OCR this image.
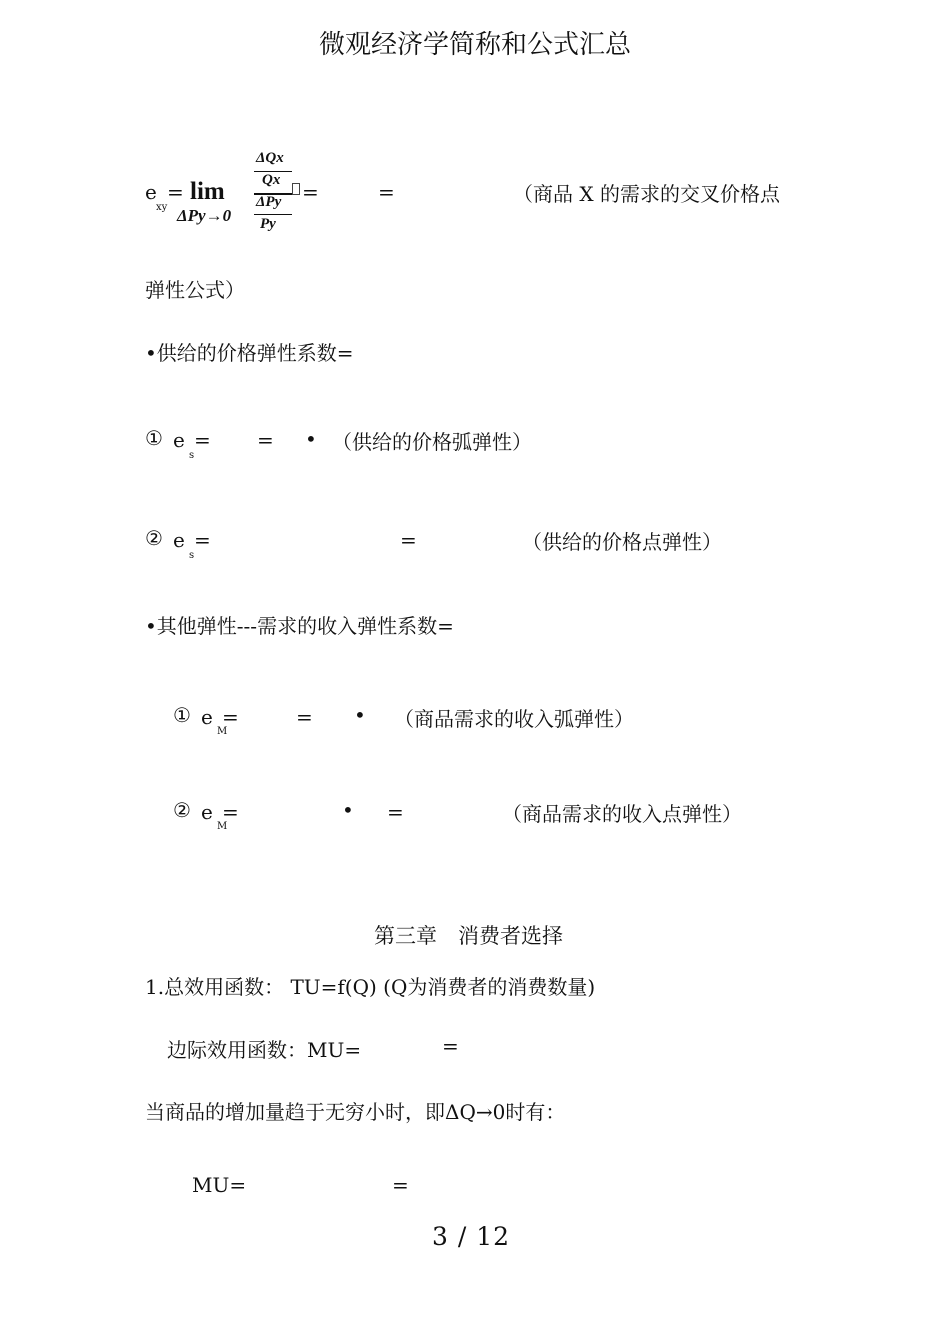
微观经济学简称和公式汇总
e
xy
= lim
ΔPy→0
ΔQx
Qx
ΔPy
Py
=	=	（商品 X 的需求的交叉价格点
弹性公式）
•供给的价格弹性系数=
① e
s
= = • （供给的价格弧弹性）
② e
s
=	=	（供给的价格点弹性）
•其他弹性---需求的收入弹性系数=
① e
M
=	= • （商品需求的收入弧弹性）
② e
M
=	• =	（商品需求的收入点弹性）
第三章　消费者选择
1.总效用函数： TU=f(Q) (Q为消费者的消费数量)
边际效用函数：MU=	=
当商品的增加量趋于无穷小时，即ΔQ→0时有：
MU=	=
3 / 12
